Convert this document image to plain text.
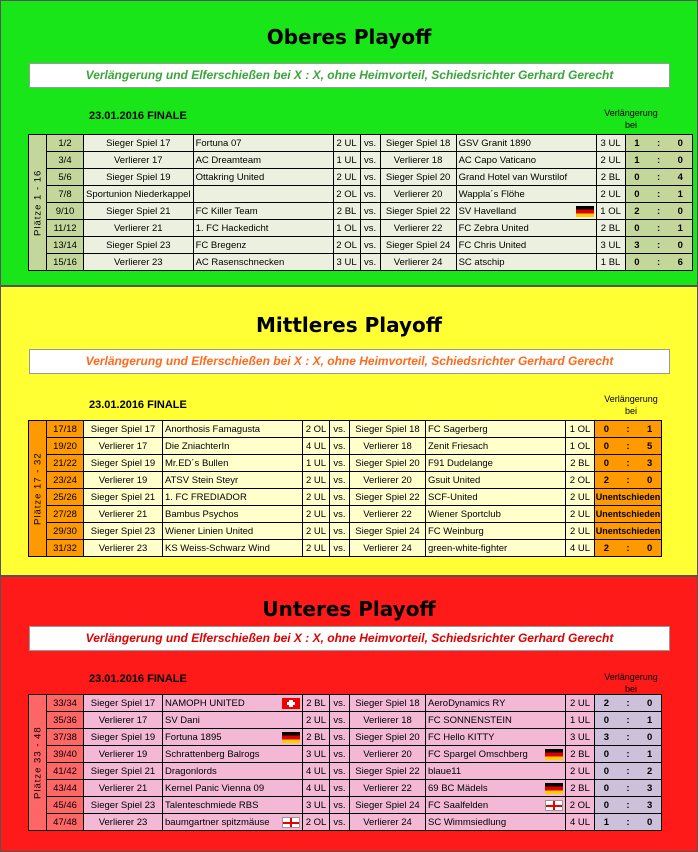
Oberes Playoff
Verlängerung und Elferschießen bei X : X, ohne Heimvorteil, Schiedsrichter Gerhard Gerecht
23.01.2016 FINALE	Verlängerung
bei
Plätze 1 - 16	1/2	Sieger Spiel 17	Fortuna 07	2 UL	vs.	Sieger Spiel 18	GSV Granit 1890	3 UL	1 : 0

	3/4	Verlierer 17	AC Dreamteam	1 UL	vs.	Verlierer 18	AC Capo Vaticano	2 UL	1 : 0

	5/6	Sieger Spiel 19	Ottakring United	2 UL	vs.	Sieger Spiel 20	Grand Hotel van Wurstilof	2 BL	0 : 4

	7/8	Sportunion Niederkappel		2 OL	vs.	Verlierer 20	Wappla´s Flöhe	2 UL	0 : 1

	9/10	Sieger Spiel 21	FC Killer Team	2 BL	vs.	Sieger Spiel 22	SV Havelland	1 OL	2 : 0

	11/12	Verlierer 21	1. FC Hackedicht	1 OL	vs.	Verlierer 22	FC Zebra United	2 BL	0 : 1

	13/14	Sieger Spiel 23	FC Bregenz	2 OL	vs.	Sieger Spiel 24	FC Chris United	3 UL	3 : 0

	15/16	Verlierer 23	AC Rasenschnecken	3 UL	vs.	Verlierer 24	SC atschip	1 BL	0 : 6
Mittleres Playoff
Verlängerung und Elferschießen bei X : X, ohne Heimvorteil, Schiedsrichter Gerhard Gerecht
23.01.2016 FINALE	Verlängerung
bei
Plätze 17 - 32	17/18	Sieger Spiel 17	Anorthosis Famagusta	2 OL	vs.	Sieger Spiel 18	FC Sagerberg	1 OL	0 : 1

	19/20	Verlierer 17	Die ZniachterIn	4 UL	vs.	Verlierer 18	Zenit Friesach	1 OL	0 : 5

	21/22	Sieger Spiel 19	Mr.ED´s Bullen	1 UL	vs.	Sieger Spiel 20	F91 Dudelange	2 BL	0 : 3

	23/24	Verlierer 19	ATSV Stein Steyr	2 UL	vs.	Verlierer 20	Gsuit United	2 OL	2 : 0

	25/26	Sieger Spiel 21	1. FC FREDIADOR	2 UL	vs.	Sieger Spiel 22	SCF-United	2 UL	Unentschieden
	27/28	Verlierer 21	Bambus Psychos	2 UL	vs.	Verlierer 22	Wiener Sportclub	2 UL	Unentschieden
	29/30	Sieger Spiel 23	Wiener Linien United	2 UL	vs.	Sieger Spiel 24	FC Weinburg	2 UL	Unentschieden
	31/32	Verlierer 23	KS Weiss-Schwarz Wind	2 UL	vs.	Verlierer 24	green-white-fighter	4 UL	2 : 0
Unteres Playoff
Verlängerung und Elferschießen bei X : X, ohne Heimvorteil, Schiedsrichter Gerhard Gerecht
23.01.2016 FINALE	Verlängerung
bei
Plätze 33 - 48	33/34	Sieger Spiel 17	NAMOPH UNITED	2 BL	vs.	Sieger Spiel 18	AeroDynamics RY	2 UL	2 : 0

	35/36	Verlierer 17	SV Dani	2 UL	vs.	Verlierer 18	FC SONNENSTEIN	1 UL	0 : 1

	37/38	Sieger Spiel 19	Fortuna 1895	2 BL	vs.	Sieger Spiel 20	FC Hello KITTY	3 UL	3 : 0

	39/40	Verlierer 19	Schrattenberg Balrogs	3 UL	vs.	Verlierer 20	FC Spargel Omschberg	2 BL	0 : 1

	41/42	Sieger Spiel 21	Dragonlords	4 UL	vs.	Sieger Spiel 22	blaue11	2 UL	0 : 2

	43/44	Verlierer 21	Kernel Panic Vienna 09	4 UL	vs.	Verlierer 22	69 BC Mädels	2 BL	0 : 3

	45/46	Sieger Spiel 23	Talenteschmiede RBS	3 UL	vs.	Sieger Spiel 24	FC Saalfelden	2 OL	0 : 3

	47/48	Verlierer 23	baumgartner spitzmäuse	2 OL	vs.	Verlierer 24	SC Wimmsiedlung	4 UL	1 : 0
